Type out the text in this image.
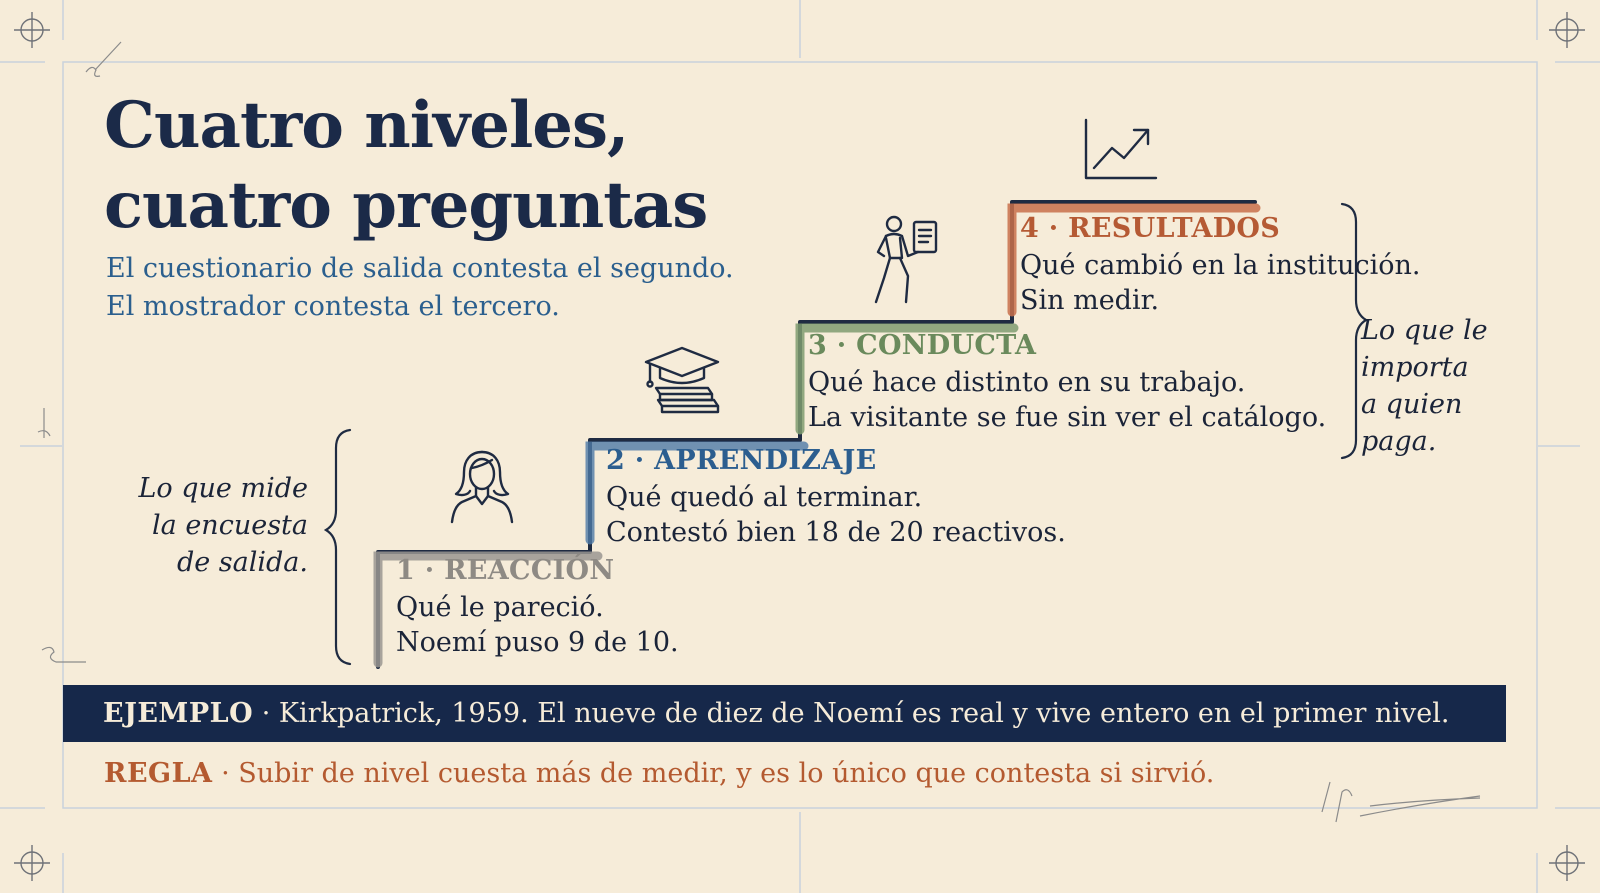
Cuatro niveles,
cuatro preguntas
El cuestionario de salida contesta el segundo.
El mostrador contesta el tercero.
1 · REACCIÓN
Qué le pareció.
Noemí puso 9 de 10.
2 · APRENDIZAJE
Qué quedó al terminar.
Contestó bien 18 de 20 reactivos.
3 · CONDUCTA
Qué hace distinto en su trabajo.
La visitante se fue sin ver el catálogo.
4 · RESULTADOS
Qué cambió en la institución.
Sin medir.
Lo que mide
la encuesta
de salida.
Lo que le
importa
a quien
paga.
EJEMPLO · Kirkpatrick, 1959. El nueve de diez de Noemí es real y vive entero en el primer nivel.
REGLA · Subir de nivel cuesta más de medir, y es lo único que contesta si sirvió.
